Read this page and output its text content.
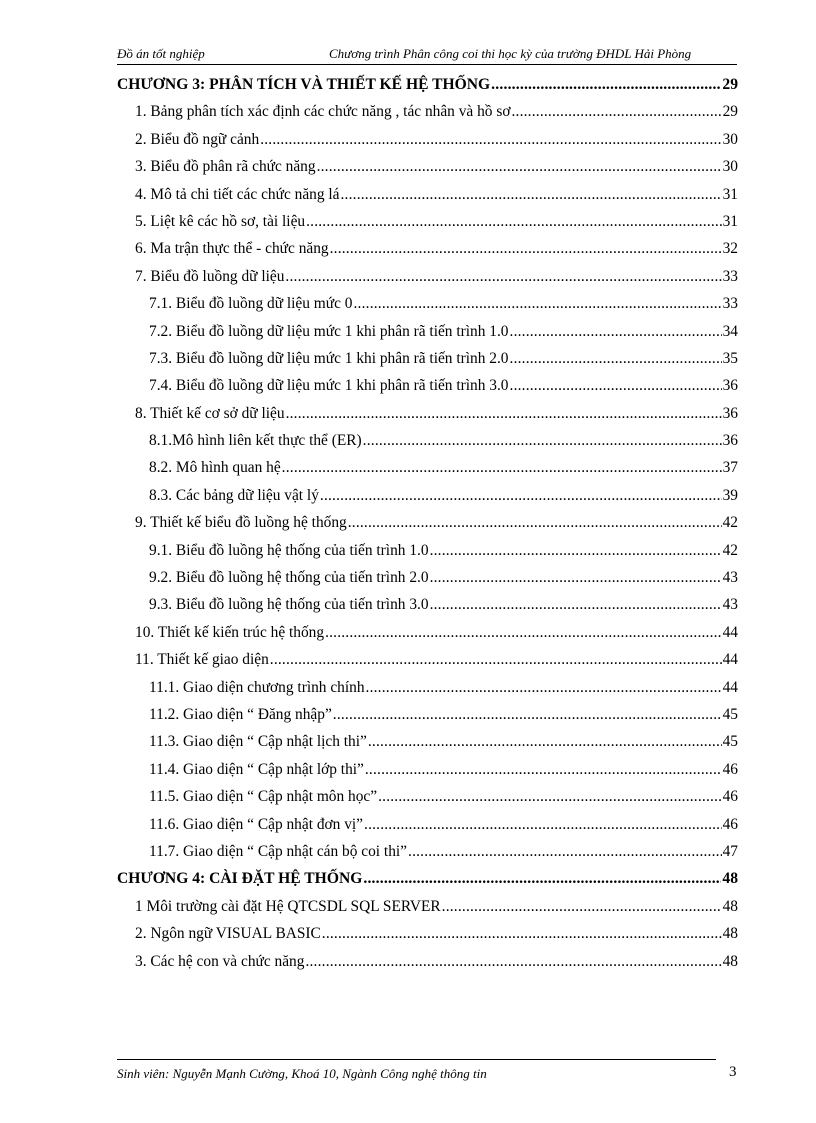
Đồ án tốt nghiệp	Chương trình Phân công coi thi học kỳ của trường ĐHDL Hải Phòng
CHƯƠNG 3: PHÂN TÍCH VÀ THIẾT KẾ HỆ THỐNG .....	29
1. Bảng phân tích xác định các chức năng , tác nhân và hồ sơ .....	29
2. Biểu đồ ngữ cảnh .....	30
3. Biểu đồ phân rã chức năng .....	30
4. Mô tả chi tiết các chức năng lá .....	31
5. Liệt kê các hồ sơ, tài liệu .....	31
6. Ma trận thực thể - chức năng .....	32
7. Biểu đồ luồng dữ liệu .....	33
7.1. Biểu đồ luồng dữ liệu mức 0 .....	33
7.2. Biểu đồ luồng dữ liệu mức 1 khi phân rã tiến trình 1.0 .....	34
7.3. Biểu đồ luồng dữ liệu mức 1 khi phân rã tiến trình 2.0 .....	35
7.4. Biểu đồ luồng dữ liệu mức 1 khi phân rã tiến trình 3.0 .....	36
8. Thiết kế cơ sở dữ liệu .....	36
8.1.Mô hình liên kết thực thể (ER) .....	36
8.2. Mô hình quan hệ .....	37
8.3. Các bảng dữ liệu vật lý .....	39
9. Thiết kế biểu đồ luồng hệ thống .....	42
9.1. Biểu đồ luồng hệ thống của tiến trình 1.0 .....	42
9.2. Biểu đồ luồng hệ thống của tiến trình 2.0 .....	43
9.3. Biểu đồ luồng hệ thống của tiến trình 3.0 .....	43
10. Thiết kế kiến trúc hệ thống .....	44
11. Thiết kế giao diện .....	44
11.1. Giao diện chương trình chính .....	44
11.2. Giao diện “ Đăng nhập” .....	45
11.3. Giao diện “ Cập nhật lịch thi” .....	45
11.4. Giao diện “ Cập nhật lớp thi” .....	46
11.5. Giao diện “ Cập nhật môn học” .....	46
11.6. Giao diện “ Cập nhật đơn vị” .....	46
11.7. Giao diện “ Cập nhật cán bộ coi thi” .....	47
CHƯƠNG 4: CÀI ĐẶT HỆ THỐNG .....	48
1 Môi trường cài đặt Hệ QTCSDL SQL SERVER .....	48
2. Ngôn ngữ VISUAL BASIC .....	48
3. Các hệ con và chức năng .....	48
Sinh viên: Nguyễn Mạnh Cường, Khoá 10, Ngành Công nghệ thông tin	3
